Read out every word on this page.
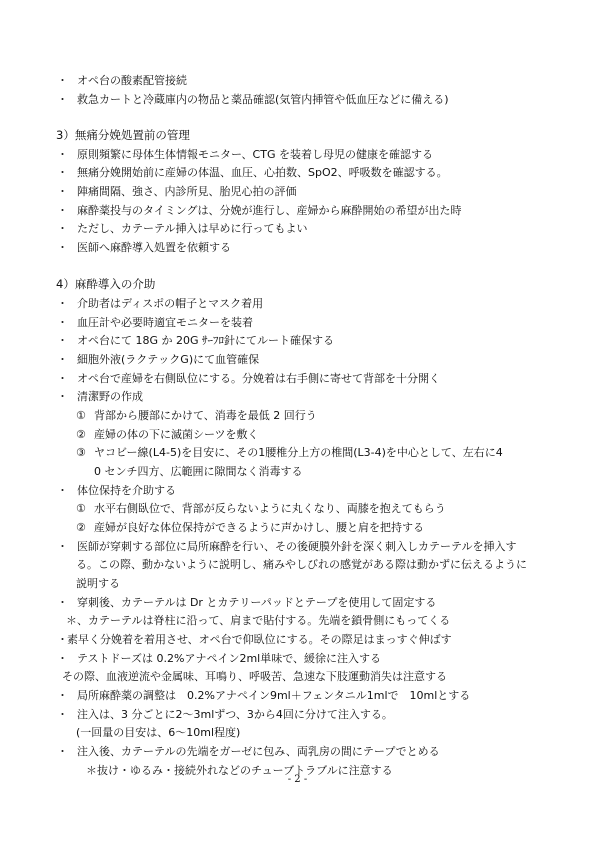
・ オペ台の酸素配管接続
・ 救急カートと冷蔵庫内の物品と薬品確認(気管内挿管や低血圧などに備える)
3）無痛分娩処置前の管理
・ 原則頻繁に母体生体情報モニター、CTG を装着し母児の健康を確認する
・ 無痛分娩開始前に産婦の体温、血圧、心拍数、SpO2、呼吸数を確認する。
・ 陣痛間隔、強さ、内診所見、胎児心拍の評価
・ 麻酔薬投与のタイミングは、分娩が進行し、産婦から麻酔開始の希望が出た時
・ ただし、カテーテル挿入は早めに行ってもよい
・ 医師へ麻酔導入処置を依頼する
4）麻酔導入の介助
・ 介助者はディスポの帽子とマスク着用
・ 血圧計や必要時適宜モニターを装着
・ オペ台にて 18G か 20G ｻｰﾌﾛ針にてルート確保する
・ 細胞外液(ラクテックG)にて血管確保
・ オペ台で産婦を右側臥位にする。分娩着は右手側に寄せて背部を十分開く
・ 清潔野の作成
① 背部から腰部にかけて、消毒を最低 2 回行う
② 産婦の体の下に滅菌シーツを敷く
③ ヤコビー線(L4-5)を目安に、その1腰椎分上方の椎間(L3-4)を中心として、左右に4
0 センチ四方、広範囲に隙間なく消毒する
・ 体位保持を介助する
① 水平右側臥位で、背部が反らないように丸くなり、両膝を抱えてもらう
② 産婦が良好な体位保持ができるように声かけし、腰と肩を把持する
・ 医師が穿刺する部位に局所麻酔を行い、その後硬膜外針を深く刺入しカテーテルを挿入す
る。この際、動かないように説明し、痛みやしびれの感覚がある際は動かずに伝えるように
説明する
・ 穿刺後、カテーテルは Dr とカテリーパッドとテープを使用して固定する
＊、カテーテルは脊柱に沿って、肩まで貼付する。先端を鎖骨側にもってくる
・素早く分娩着を着用させ、オペ台で仰臥位にする。その際足はまっすぐ伸ばす
・ テストドーズは 0.2%アナペイン2ml単味で、緩徐に注入する
その際、血液逆流や金属味、耳鳴り、呼吸苦、急速な下肢運動消失は注意する
・ 局所麻酔薬の調整は　0.2%アナペイン9ml＋フェンタニル1mlで　10mlとする
・ 注入は、3 分ごとに2～3mlずつ、3から4回に分けて注入する。
(一回量の目安は、6～10ml程度)
・ 注入後、カテーテルの先端をガーゼに包み、両乳房の間にテープでとめる
＊抜け・ゆるみ・接続外れなどのチューブトラブルに注意する
- 2 -
